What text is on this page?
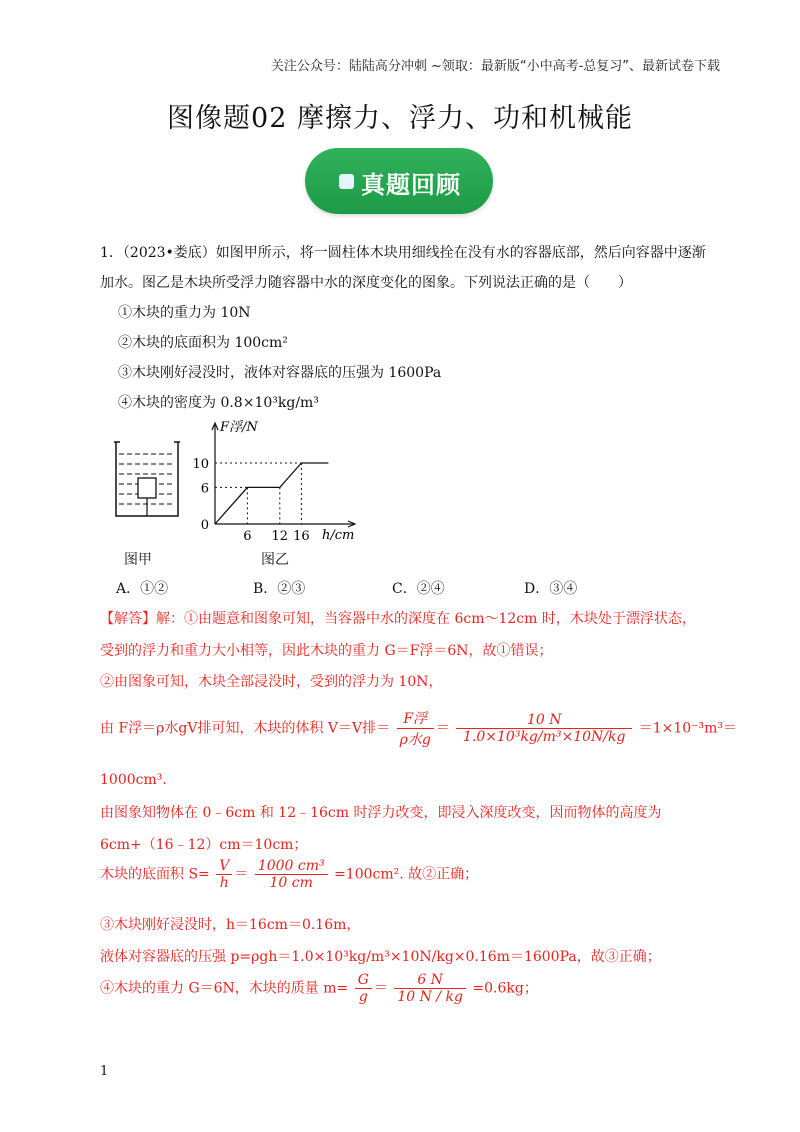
关注公众号：陆陆高分冲刺 ~领取：最新版“小中高考-总复习”、最新试卷下载
图像题02 摩擦力、浮力、功和机械能
真题回顾
1．（2023•娄底）如图甲所示，将一圆柱体木块用细线拴在没有水的容器底部，然后向容器中逐渐
加水。图乙是木块所受浮力随容器中水的深度变化的图象。下列说法正确的是（　　）
①木块的重力为 10N
②木块的底面积为 100cm²
③木块刚好浸没时，液体对容器底的压强为 1600Pa
④木块的密度为 0.8×10³kg/m³
F浮/N
h/cm
10
6
0
6 12 16
图甲	图乙
A．①②	B．②③	C．②④	D．③④
【解答】解：①由题意和图象可知，当容器中水的深度在 6cm～12cm 时，木块处于漂浮状态，
受到的浮力和重力大小相等，因此木块的重力 G＝F浮＝6N，故①错误；
②由图象可知，木块全部浸没时，受到的浮力为 10N，
由 F浮＝ρ水gV排可知，木块的体积 V＝V排＝ $\frac{\text{F浮}}{\text{ρ水g}} = \frac{10 N}{\text{1.0×10³kg/m³×10N/kg}} =1\times 10^{-3}m^3=$
1000cm³.
由图象知物体在 0﹣6cm 和 12﹣16cm 时浮力改变，即浸入深度改变，因而物体的高度为
6cm+（16﹣12）cm＝10cm；
木块的底面积 $S= \frac{V}{h} = \frac{\text{1000 cm³}}{10 cm} =100cm^2$. 故②正确；
③木块刚好浸没时，h＝16cm＝0.16m，
液体对容器底的压强 p=ρgh＝1.0×10³kg/m³×10N/kg×0.16m＝1600Pa，故③正确；
④木块的重力 G＝6N，木块的质量 $m= \frac{G}{g} = \frac{6 N}{10 N / kg} =0.6kg$；
1
